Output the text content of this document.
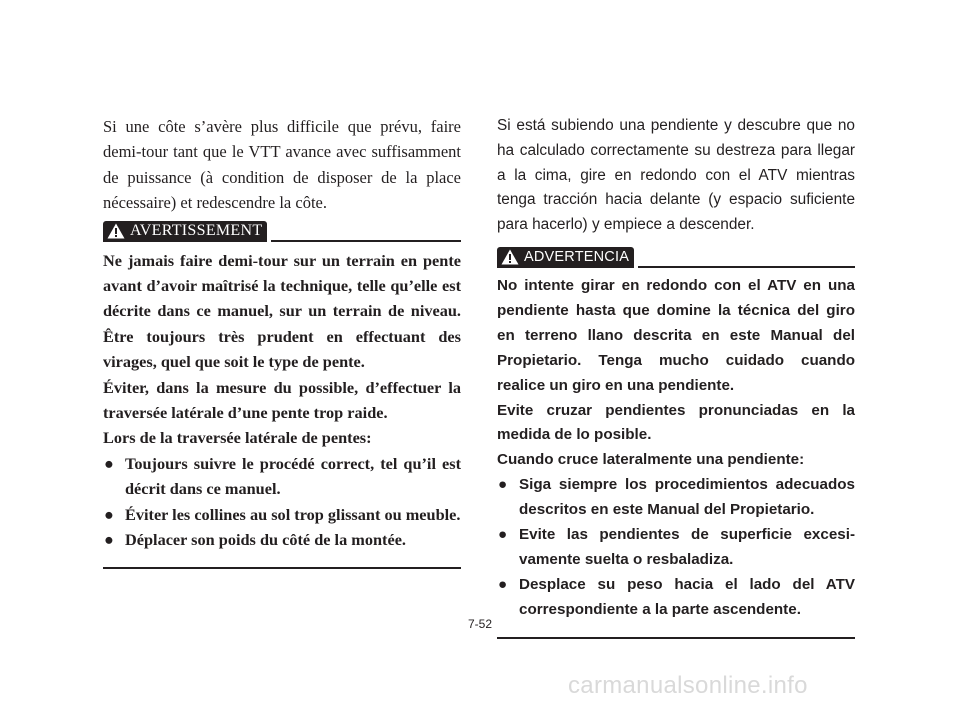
Si une côte s’avère plus difficile que prévu, faire demi-tour tant que le VTT avance avec suffisamment de puissance (à condition de disposer de la place nécessaire) et redescendre la côte.

AVERTISSEMENT

Ne jamais faire demi-tour sur un terrain en pente avant d’avoir maîtrisé la technique, telle qu’elle est décrite dans ce manuel, sur un terrain de niveau. Être toujours très prudent en effectuant des virages, quel que soit le type de pente.

Éviter, dans la mesure du possible, d’effectuer la traversée latérale d’une pente trop raide.

Lors de la traversée latérale de pentes:

● Toujours suivre le procédé correct, tel qu’il est décrit dans ce manuel.
● Éviter les collines au sol trop glissant ou meuble.
● Déplacer son poids du côté de la montée.

Si está subiendo una pendiente y descubre que no ha calculado correctamente su destreza para llegar a la cima, gire en redondo con el ATV mientras tenga tracción hacia delante (y espacio suficiente para hacerlo) y empiece a descender.

ADVERTENCIA

No intente girar en redondo con el ATV en una pendiente hasta que domine la técnica del giro en terreno llano descrita en este Manual del Propietario. Tenga mucho cuidado cuando realice un giro en una pendiente.

Evite cruzar pendientes pronunciadas en la medida de lo posible.

Cuando cruce lateralmente una pendiente:

● Siga siempre los procedimientos adecuados descritos en este Manual del Propietario.
● Evite las pendientes de superficie excesivamente suelta o resbaladiza.
● Desplace su peso hacia el lado del ATV correspondiente a la parte ascendente.
7-52
carmanualsonline.info
